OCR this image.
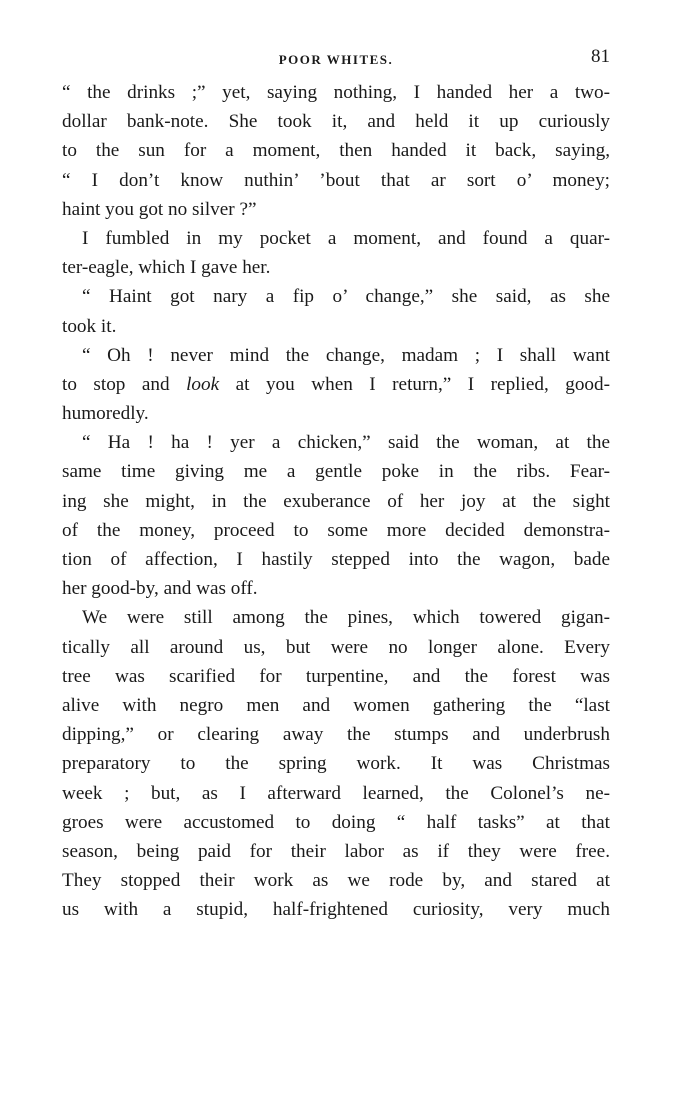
POOR WHITES.	81
“ the drinks ;” yet, saying nothing, I handed her a two-
dollar bank-note. She took it, and held it up curiously
to the sun for a moment, then handed it back, saying,
“ I don’t know nuthin’ ’bout that ar sort o’ money;
haint you got no silver ?”
I fumbled in my pocket a moment, and found a quar-
ter-eagle, which I gave her.
“ Haint got nary a fip o’ change,” she said, as she
took it.
“ Oh ! never mind the change, madam ; I shall want
to stop and look at you when I return,” I replied, good-
humoredly.
“ Ha ! ha ! yer a chicken,” said the woman, at the
same time giving me a gentle poke in the ribs. Fear-
ing she might, in the exuberance of her joy at the sight
of the money, proceed to some more decided demonstra-
tion of affection, I hastily stepped into the wagon, bade
her good-by, and was off.
We were still among the pines, which towered gigan-
tically all around us, but were no longer alone. Every
tree was scarified for turpentine, and the forest was
alive with negro men and women gathering the “last
dipping,” or clearing away the stumps and underbrush
preparatory to the spring work. It was Christmas
week ; but, as I afterward learned, the Colonel’s ne-
groes were accustomed to doing “ half tasks” at that
season, being paid for their labor as if they were free.
They stopped their work as we rode by, and stared at
us with a stupid, half-frightened curiosity, very much
